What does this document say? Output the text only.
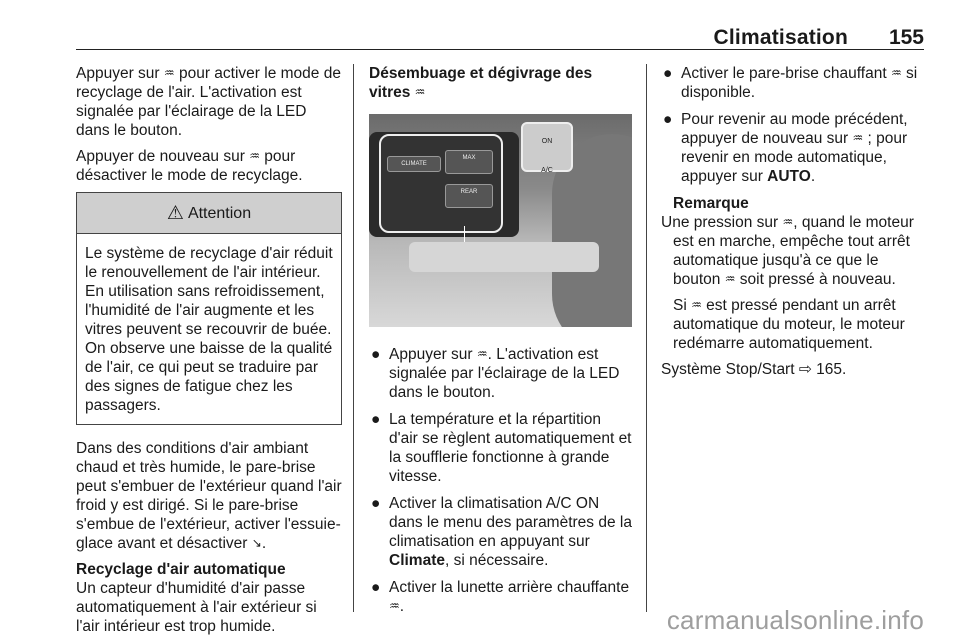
Climatisation 155

Appuyer sur ♒ pour activer le mode de recyclage de l'air. L'activation est signalée par l'éclairage de la LED dans le bouton.

Appuyer de nouveau sur ♒ pour désactiver le mode de recyclage.

⚠ Attention
Le système de recyclage d'air réduit le renouvellement de l'air intérieur. En utilisation sans refroidissement, l'humidité de l'air augmente et les vitres peuvent se recouvrir de buée. On observe une baisse de la qualité de l'air, ce qui peut se traduire par des signes de fatigue chez les passagers.

Dans des conditions d'air ambiant chaud et très humide, le pare-brise peut s'embuer de l'extérieur quand l'air froid y est dirigé. Si le pare-brise s'embue de l'extérieur, activer l'essuie-glace avant et désactiver ↘.

Recyclage d'air automatique

Un capteur d'humidité d'air passe automatiquement à l'air extérieur si l'air intérieur est trop humide.

Désembuage et dégivrage des vitres ♒

CLIMATE
MAX
REAR
ON
A/C

● Appuyer sur ♒. L'activation est signalée par l'éclairage de la LED dans le bouton.

● La température et la répartition d'air se règlent automatiquement et la soufflerie fonctionne à grande vitesse.

● Activer la climatisation A/C ON dans le menu des paramètres de la climatisation en appuyant sur Climate, si nécessaire.

● Activer la lunette arrière chauffante ♒.

● Activer le pare-brise chauffant ♒ si disponible.

● Pour revenir au mode précédent, appuyer de nouveau sur ♒ ; pour revenir en mode automatique, appuyer sur AUTO.

Remarque

Une pression sur ♒, quand le moteur est en marche, empêche tout arrêt automatique jusqu'à ce que le bouton ♒ soit pressé à nouveau.

Si ♒ est pressé pendant un arrêt automatique du moteur, le moteur redémarre automatiquement.

Système Stop/Start ⇨ 165.

carmanualsonline.info
